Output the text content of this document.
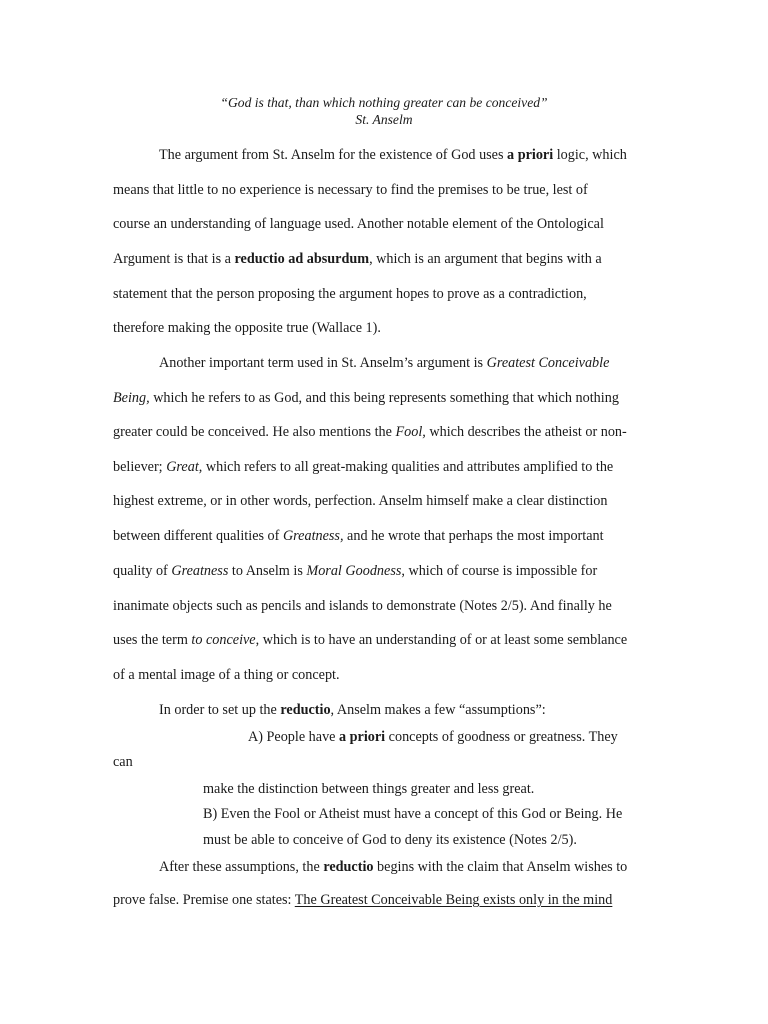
“God is that, than which nothing greater can be conceived”
St. Anselm
The argument from St. Anselm for the existence of God uses a priori logic, which
means that little to no experience is necessary to find the premises to be true, lest of
course an understanding of language used. Another notable element of the Ontological
Argument is that is a reductio ad absurdum, which is an argument that begins with a
statement that the person proposing the argument hopes to prove as a contradiction,
therefore making the opposite true (Wallace 1).
Another important term used in St. Anselm’s argument is Greatest Conceivable
Being, which he refers to as God, and this being represents something that which nothing
greater could be conceived. He also mentions the Fool, which describes the atheist or non-
believer; Great, which refers to all great-making qualities and attributes amplified to the
highest extreme, or in other words, perfection. Anselm himself make a clear distinction
between different qualities of Greatness, and he wrote that perhaps the most important
quality of Greatness to Anselm is Moral Goodness, which of course is impossible for
inanimate objects such as pencils and islands to demonstrate (Notes 2/5). And finally he
uses the term to conceive, which is to have an understanding of or at least some semblance
of a mental image of a thing or concept.
In order to set up the reductio, Anselm makes a few “assumptions”:
A) People have a priori concepts of goodness or greatness. They
can
make the distinction between things greater and less great.
B) Even the Fool or Atheist must have a concept of this God or Being. He
must be able to conceive of God to deny its existence (Notes 2/5).
After these assumptions, the reductio begins with the claim that Anselm wishes to
prove false. Premise one states: The Greatest Conceivable Being exists only in the mind
